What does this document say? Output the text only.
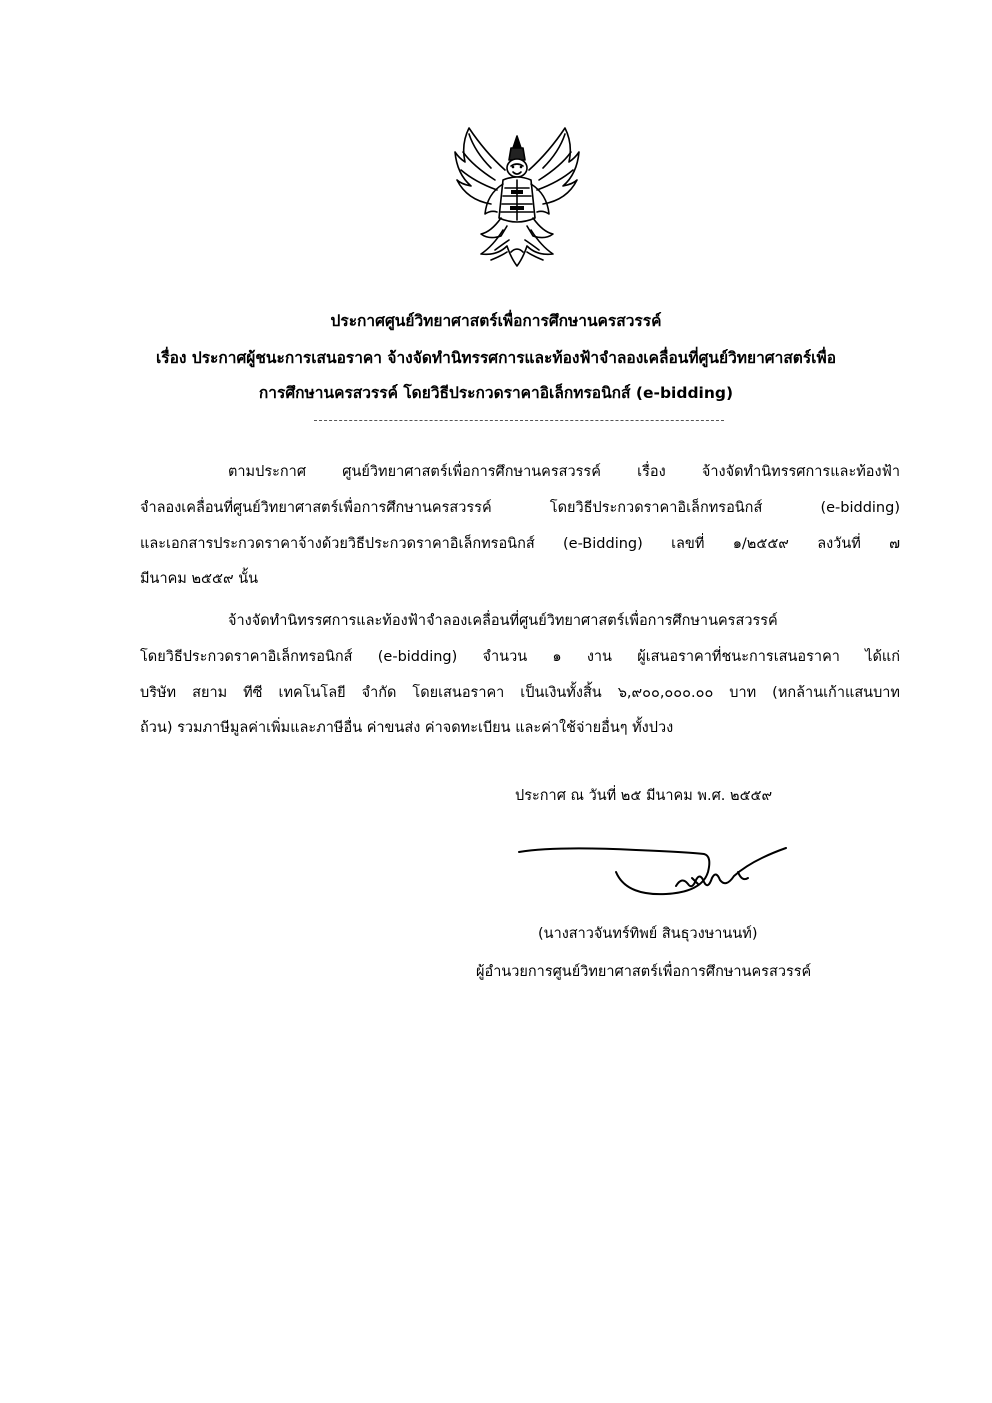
ประกาศศูนย์วิทยาศาสตร์เพื่อการศึกษานครสวรรค์
เรื่อง ประกาศผู้ชนะการเสนอราคา จ้างจัดทำนิทรรศการและท้องฟ้าจำลองเคลื่อนที่ศูนย์วิทยาศาสตร์เพื่อ
การศึกษานครสวรรค์ โดยวิธีประกวดราคาอิเล็กทรอนิกส์ (e-bidding)
ตามประกาศ ศูนย์วิทยาศาสตร์เพื่อการศึกษานครสวรรค์ เรื่อง จ้างจัดทำนิทรรศการและท้องฟ้า
จำลองเคลื่อนที่ศูนย์วิทยาศาสตร์เพื่อการศึกษานครสวรรค์ โดยวิธีประกวดราคาอิเล็กทรอนิกส์ (e-bidding)
และเอกสารประกวดราคาจ้างด้วยวิธีประกวดราคาอิเล็กทรอนิกส์ (e-Bidding) เลขที่ ๑/๒๕๕๙ ลงวันที่ ๗
มีนาคม ๒๕๕๙ นั้น
จ้างจัดทำนิทรรศการและท้องฟ้าจำลองเคลื่อนที่ศูนย์วิทยาศาสตร์เพื่อการศึกษานครสวรรค์
โดยวิธีประกวดราคาอิเล็กทรอนิกส์ (e-bidding) จำนวน ๑ งาน ผู้เสนอราคาที่ชนะการเสนอราคา ได้แก่
บริษัท สยาม ทีซี เทคโนโลยี จำกัด โดยเสนอราคา เป็นเงินทั้งสิ้น ๖,๙๐๐,๐๐๐.๐๐ บาท (หกล้านเก้าแสนบาท
ถ้วน) รวมภาษีมูลค่าเพิ่มและภาษีอื่น ค่าขนส่ง ค่าจดทะเบียน และค่าใช้จ่ายอื่นๆ ทั้งปวง
ประกาศ ณ วันที่ ๒๕ มีนาคม พ.ศ. ๒๕๕๙
(นางสาวจันทร์ทิพย์ สินธุวงษานนท์)
ผู้อำนวยการศูนย์วิทยาศาสตร์เพื่อการศึกษานครสวรรค์
